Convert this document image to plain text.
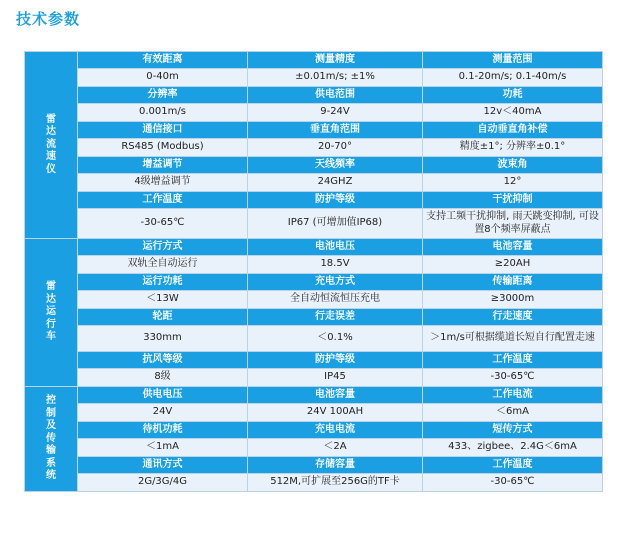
技术参数
雷达流速仪	有效距离	测量精度	测量范围
	0-40m	±0.01m/s; ±1%	0.1-20m/s; 0.1-40m/s
	分辨率	供电范围	功耗
	0.001m/s	9-24V	12v＜40mA
	通信接口	垂直角范围	自动垂直角补偿
	RS485 (Modbus)	20-70°	精度±1°; 分辨率±0.1°
	增益调节	天线频率	波束角
	4级增益调节	24GHZ	12°
	工作温度	防护等级	干扰抑制
	-30-65℃	IP67 (可增加值IP68)	支持工频干扰抑制, 雨天跳变抑制, 可设置8个频率屏蔽点
雷达运行车	运行方式	电池电压	电池容量
	双轨全自动运行	18.5V	≥20AH
	运行功耗	充电方式	传输距离
	＜13W	全自动恒流恒压充电	≥3000m
	轮距	行走误差	行走速度
	330mm	＜0.1%	＞1m/s可根据缆道长短自行配置走速
	抗风等级	防护等级	工作温度
	8级	IP45	-30-65℃
控制及传输系统	供电电压	电池容量	工作电流
	24V	24V 100AH	＜6mA
	待机功耗	充电电流	短传方式
	＜1mA	＜2A	433、zigbee、2.4G＜6mA
	通讯方式	存储容量	工作温度
	2G/3G/4G	512M,可扩展至256G的TF卡	-30-65℃
